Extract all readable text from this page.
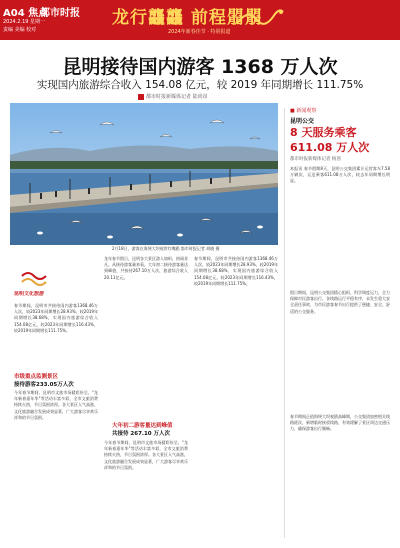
A04 焦点
都市时报
2024.2.19 星期一
责编 美编 校对
龙行龘龘 前程朤朤
2024年新春佳节 · 特别报道
昆明接待国内游客 1368 万人次
实现国内旅游综合收入 154.08 亿元，较 2019 年同期增长 111.75%
都市时报新媒体记者 陆尚昂
2月18日，游客在海埂大坝观赏红嘴鸥 都市时报记者 胡晓 摄
昆明文化旅游
春节期间，昆明市共接待国内游客1368.46万人次，较2023年同期增长28.93%，较2019年同期增长38.68%，实现国内旅游综合收入154.08亿元，较2023年同期增长116.43%，较2019年同期增长111.75%。
市级重点监测景区
接待游客233.05万人次
今年春节期间，昆明市文旅市场精彩纷呈，"龙年新春嘉年华"等活动丰富多彩，全市文旅消费持续火热，节日氛围浓厚。各大景区人气高涨，文化旅游融合发展成效显著，广大游客尽享欢乐祥和的节日氛围。
龙年春节假日，昆明各大景区游人如织，热闹非凡。从接待游客量来看，大年初二接待游客量达到峰值，共接待267.10万人次，旅游综合收入20.11亿元。
大年初二游客量达到峰值
共接待 267.10 万人次
今年春节期间，昆明市文旅市场精彩纷呈，"龙年新春嘉年华"等活动丰富多彩，全市文旅消费持续火热，节日氛围浓厚。各大景区人气高涨，文化旅游融合发展成效显著，广大游客尽享欢乐祥和的节日氛围。
春节期间，昆明市共接待国内游客1368.46万人次，较2023年同期增长28.93%，较2019年同期增长38.68%，实现国内旅游综合收入154.08亿元，较2023年同期增长116.43%，较2019年同期增长111.75%。
■ 新闻观察
昆明公交
8 天服务乘客
611.08 万人次
都市时报新媒体记者 杨茜
本报讯 春节假期8天，昆明公交集团累计运营客车7.58万辆次，运送乘客611.08万人次，较去年同期增长明显。
假日期间，昆明公交集团精心组织，科学调度运力，全力保障市民游客出行。各线路运行平稳有序，未发生重大安全责任事故，为市民游客春节出行提供了便捷、安全、舒适的公交服务。
春节期间正值海埂大坝观鸥高峰期，公交集团加密相关线路班次，新增临时接驳线路，有效缓解了景区周边交通压力，确保游客出行顺畅。
